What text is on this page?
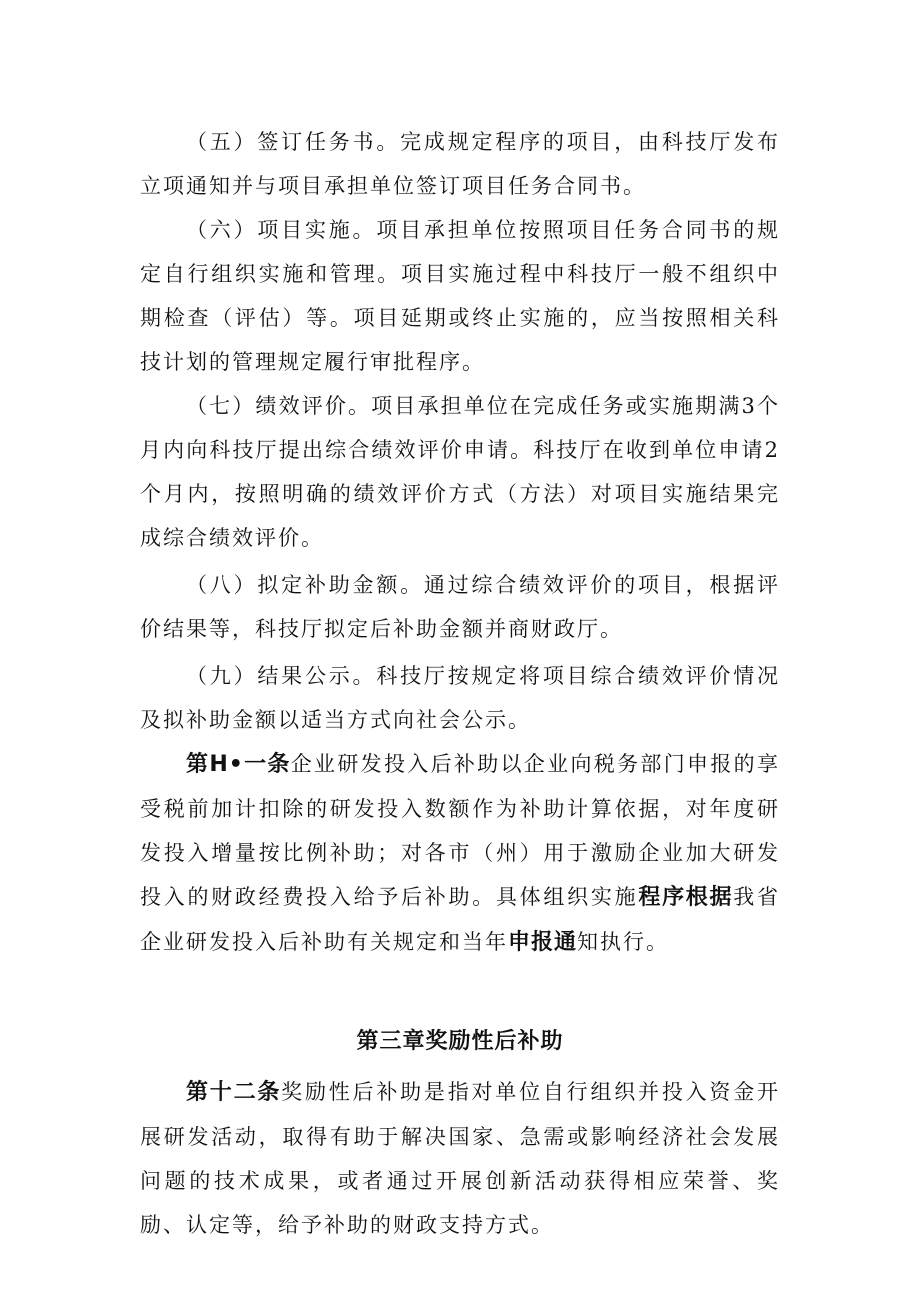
（五）签订任务书。完成规定程序的项目，由科技厅发布立项通知并与项目承担单位签订项目任务合同书。

（六）项目实施。项目承担单位按照项目任务合同书的规定自行组织实施和管理。项目实施过程中科技厅一般不组织中期检查（评估）等。项目延期或终止实施的，应当按照相关科技计划的管理规定履行审批程序。

（七）绩效评价。项目承担单位在完成任务或实施期满3个月内向科技厅提出综合绩效评价申请。科技厅在收到单位申请2个月内，按照明确的绩效评价方式（方法）对项目实施结果完成综合绩效评价。

（八）拟定补助金额。通过综合绩效评价的项目，根据评价结果等，科技厅拟定后补助金额并商财政厅。

（九）结果公示。科技厅按规定将项目综合绩效评价情况及拟补助金额以适当方式向社会公示。

第H•一条企业研发投入后补助以企业向税务部门申报的享受税前加计扣除的研发投入数额作为补助计算依据，对年度研发投入增量按比例补助；对各市（州）用于激励企业加大研发投入的财政经费投入给予后补助。具体组织实施程序根据我省企业研发投入后补助有关规定和当年申报通知执行。

第三章奖励性后补助

第十二条奖励性后补助是指对单位自行组织并投入资金开展研发活动，取得有助于解决国家、急需或影响经济社会发展问题的技术成果，或者通过开展创新活动获得相应荣誉、奖励、认定等，给予补助的财政支持方式。
